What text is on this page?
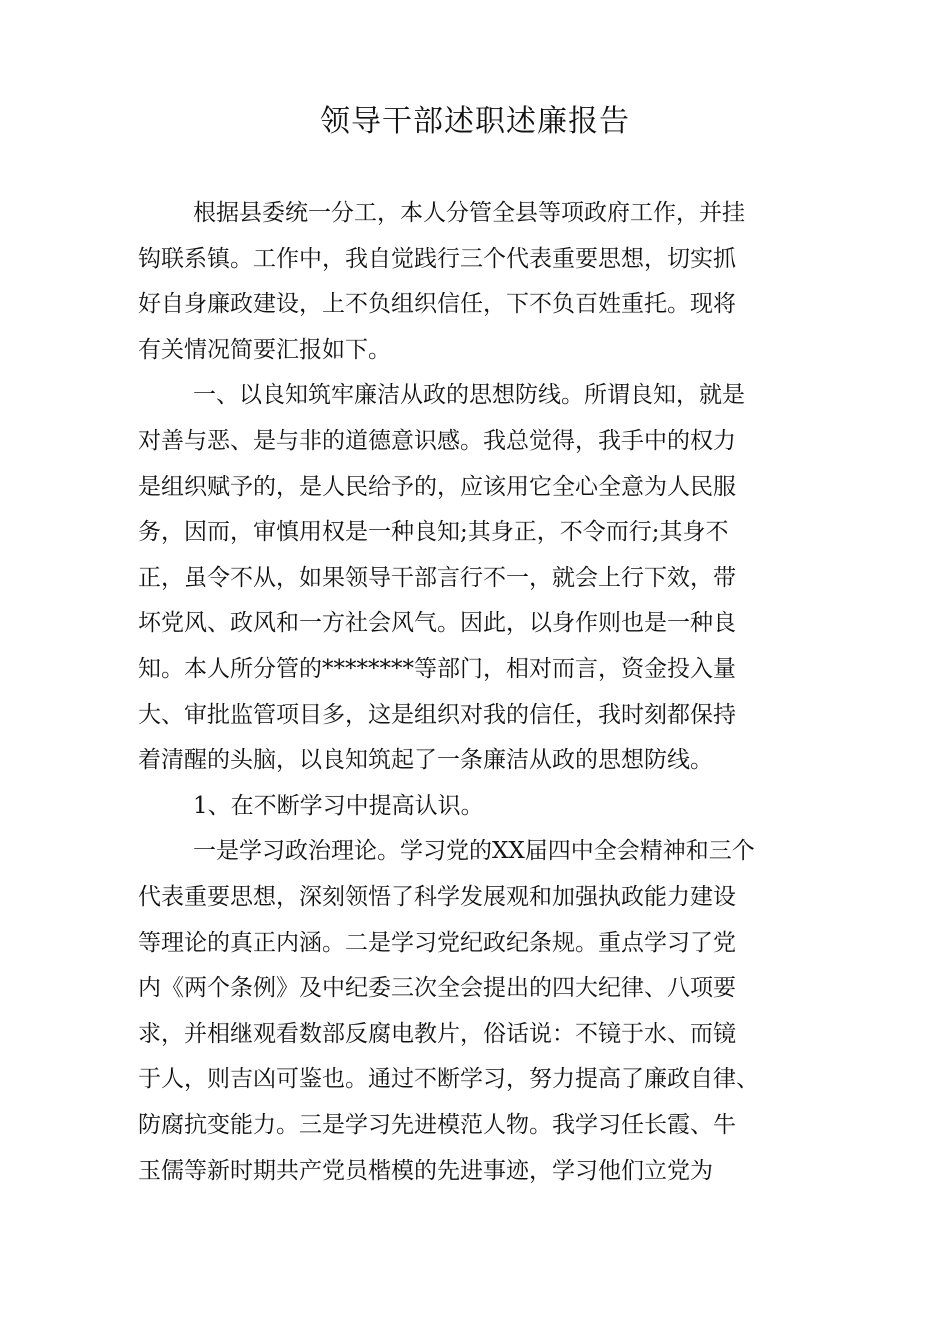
领导干部述职述廉报告

根据县委统一分工，本人分管全县等项政府工作，并挂

钩联系镇。工作中，我自觉践行三个代表重要思想，切实抓

好自身廉政建设，上不负组织信任，下不负百姓重托。现将

有关情况简要汇报如下。

一、以良知筑牢廉洁从政的思想防线。所谓良知，就是

对善与恶、是与非的道德意识感。我总觉得，我手中的权力

是组织赋予的，是人民给予的，应该用它全心全意为人民服

务，因而，审慎用权是一种良知;其身正，不令而行;其身不

正，虽令不从，如果领导干部言行不一，就会上行下效，带

坏党风、政风和一方社会风气。因此，以身作则也是一种良

知。本人所分管的********等部门，相对而言，资金投入量

大、审批监管项目多，这是组织对我的信任，我时刻都保持

着清醒的头脑，以良知筑起了一条廉洁从政的思想防线。

1、在不断学习中提高认识。

一是学习政治理论。学习党的XX届四中全会精神和三个

代表重要思想，深刻领悟了科学发展观和加强执政能力建设

等理论的真正内涵。二是学习党纪政纪条规。重点学习了党

内《两个条例》及中纪委三次全会提出的四大纪律、八项要

求，并相继观看数部反腐电教片，俗话说：不镜于水、而镜

于人，则吉凶可鉴也。通过不断学习，努力提高了廉政自律、

防腐抗变能力。三是学习先进模范人物。我学习任长霞、牛

玉儒等新时期共产党员楷模的先进事迹，学习他们立党为
